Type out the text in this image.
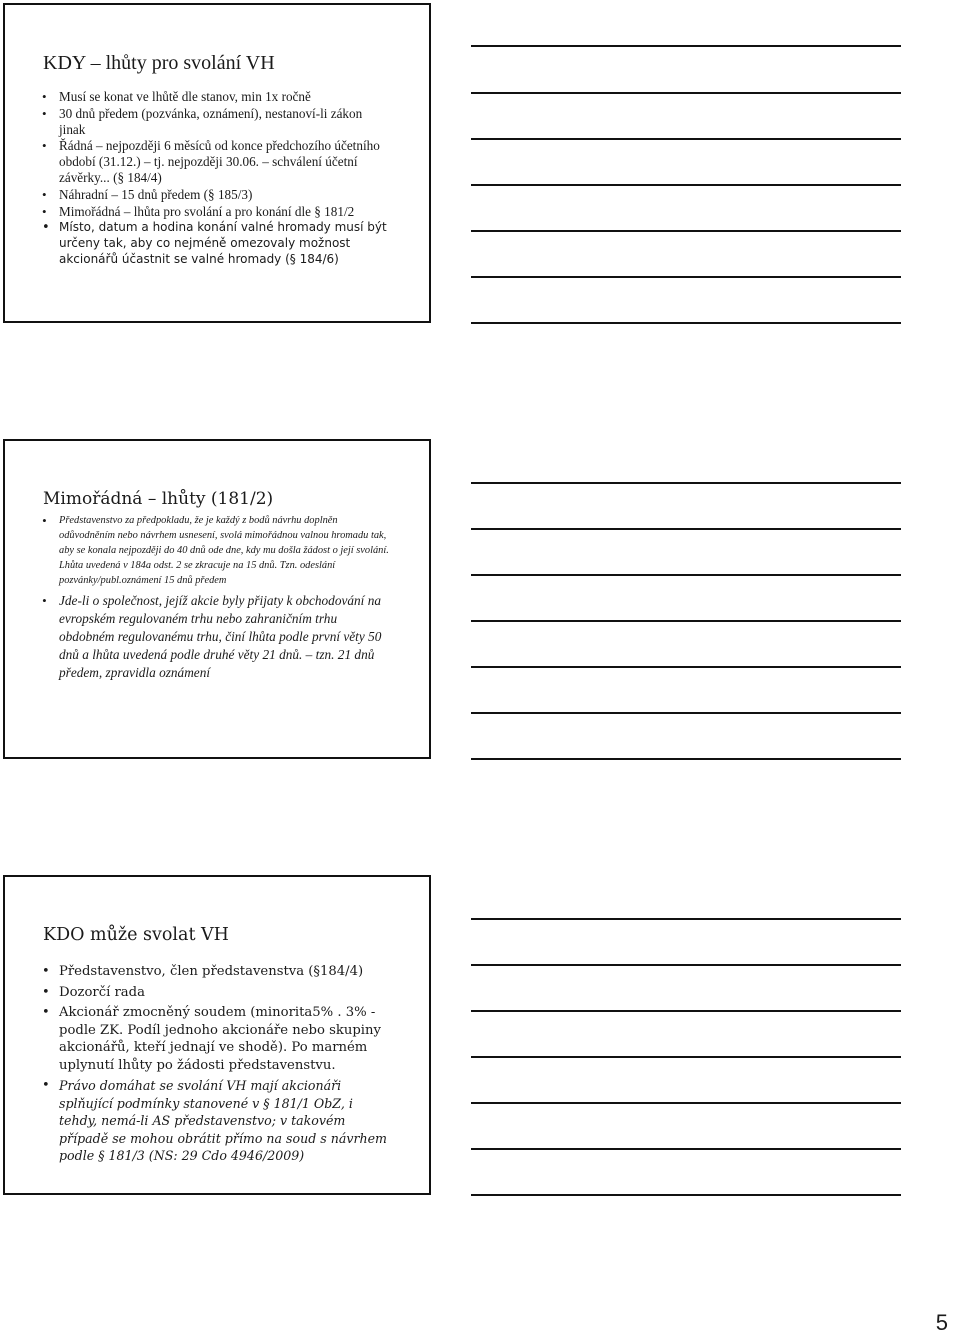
KDY – lhůty pro svolání VH
• Musí se konat ve lhůtě dle stanov, min 1x ročně
• 30 dnů předem (pozvánka, oznámení), nestanoví-li zákon jinak
• Řádná – nejpozději 6 měsíců od konce předchozího účetního období (31.12.) – tj. nejpozději 30.06. – schválení účetní závěrky... (§ 184/4)
• Náhradní – 15 dnů předem (§ 185/3)
• Mimořádná – lhůta pro svolání a pro konání dle § 181/2
• Místo, datum a hodina konání valné hromady musí být určeny tak, aby co nejméně omezovaly možnost akcionářů účastnit se valné hromady (§ 184/6)
Mimořádná – lhůty (181/2)
• Představenstvo za předpokladu, že je každý z bodů návrhu doplněn odůvodněním nebo návrhem usnesení, svolá mimořádnou valnou hromadu tak, aby se konala nejpozději do 40 dnů ode dne, kdy mu došla žádost o její svolání. Lhůta uvedená v 184a odst. 2 se zkracuje na 15 dnů. Tzn. odeslání pozvánky/publ.oznámení 15 dnů předem
• Jde-li o společnost, jejíž akcie byly přijaty k obchodování na evropském regulovaném trhu nebo zahraničním trhu obdobném regulovanému trhu, činí lhůta podle první věty 50 dnů a lhůta uvedená podle druhé věty 21 dnů. – tzn. 21 dnů předem, zpravidla oznámení
KDO může svolat VH
• Představenstvo, člen představenstva (§184/4)
• Dozorčí rada
• Akcionář zmocněný soudem (minorita5% . 3% - podle ZK. Podíl jednoho akcionáře nebo skupiny akcionářů, kteří jednají ve shodě). Po marném uplynutí lhůty po žádosti představenstvu.
• Právo domáhat se svolání VH mají akcionáři splňující podmínky stanovené v § 181/1 ObZ, i tehdy, nemá-li AS představenstvo; v takovém případě se mohou obrátit přímo na soud s návrhem podle § 181/3 (NS: 29 Cdo 4946/2009)
5
